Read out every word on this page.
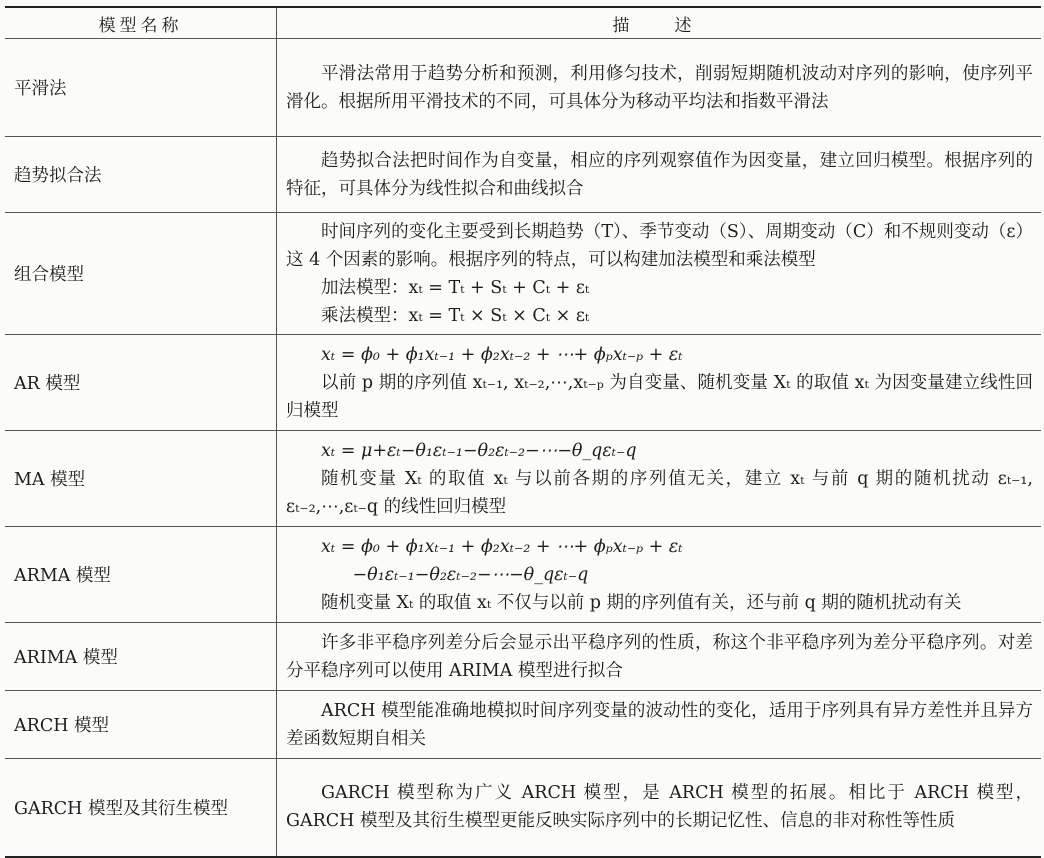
模型名称	描　述
平滑法	平滑法常用于趋势分析和预测，利用修匀技术，削弱短期随机波动对序列的影响，使序列平滑化。根据所用平滑技术的不同，可具体分为移动平均法和指数平滑法

趋势拟合法	趋势拟合法把时间作为自变量，相应的序列观察值作为因变量，建立回归模型。根据序列的特征，可具体分为线性拟合和曲线拟合

组合模型	时间序列的变化主要受到长期趋势（T）、季节变动（S）、周期变动（C）和不规则变动（ε）这 4 个因素的影响。根据序列的特点，可以构建加法模型和乘法模型
加法模型：xₜ = Tₜ + Sₜ + Cₜ + εₜ
乘法模型：xₜ = Tₜ × Sₜ × Cₜ × εₜ

AR 模型	xₜ = ϕ₀ + ϕ₁xₜ₋₁ + ϕ₂xₜ₋₂ + ⋯+ ϕₚxₜ₋ₚ + εₜ
以前 p 期的序列值 xₜ₋₁, xₜ₋₂,⋯,xₜ₋ₚ 为自变量、随机变量 Xₜ 的取值 xₜ 为因变量建立线性回归模型

MA 模型	xₜ = μ+εₜ−θ₁εₜ₋₁−θ₂εₜ₋₂−⋯−θ_qεₜ₋q
随机变量 Xₜ 的取值 xₜ 与以前各期的序列值无关，建立 xₜ 与前 q 期的随机扰动 εₜ₋₁, εₜ₋₂,⋯,εₜ₋q 的线性回归模型

ARMA 模型	xₜ = ϕ₀ + ϕ₁xₜ₋₁ + ϕ₂xₜ₋₂ + ⋯+ ϕₚxₜ₋ₚ + εₜ
−θ₁εₜ₋₁−θ₂εₜ₋₂−⋯−θ_qεₜ₋q
随机变量 Xₜ 的取值 xₜ 不仅与以前 p 期的序列值有关，还与前 q 期的随机扰动有关

ARIMA 模型	许多非平稳序列差分后会显示出平稳序列的性质，称这个非平稳序列为差分平稳序列。对差分平稳序列可以使用 ARIMA 模型进行拟合

ARCH 模型	ARCH 模型能准确地模拟时间序列变量的波动性的变化，适用于序列具有异方差性并且异方差函数短期自相关

GARCH 模型及其衍生模型	GARCH 模型称为广义 ARCH 模型，是 ARCH 模型的拓展。相比于 ARCH 模型，GARCH 模型及其衍生模型更能反映实际序列中的长期记忆性、信息的非对称性等性质
